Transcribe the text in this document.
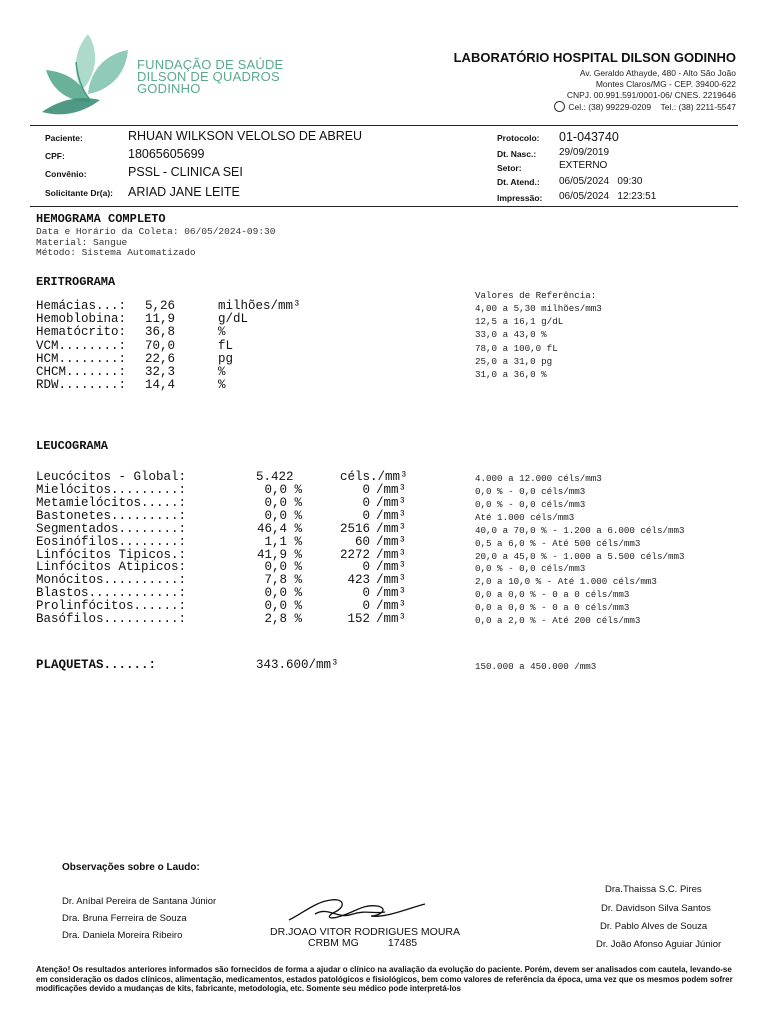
FUNDAÇÃO DE SAÚDE
DILSON DE QUADROS
GODINHO
LABORATÓRIO HOSPITAL DILSON GODINHO
Av. Geraldo Athayde, 480 - Alto São João
Montes Claros/MG - CEP. 39400-622
CNPJ. 00.991.591/0001-06/ CNES. 2219646
Cel.: (38) 99229-0209 Tel.: (38) 2211-5547
Paciente:	RHUAN WILKSON VELOLSO DE ABREU
CPF:	18065605699
Convênio:	PSSL - CLINICA SEI
Solicitante Dr(a): ARIAD JANE LEITE
Protocolo: 01-043740
Dt. Nasc.: 29/09/2019
Setor:	EXTERNO
Dt. Atend.: 06/05/2024   09:30
Impressão: 06/05/2024   12:23:51
HEMOGRAMA COMPLETO
Data e Horário da Coleta: 06/05/2024-09:30
Material: Sangue
Método: Sistema Automatizado
ERITROGRAMA
Valores de Referência:
Hemácias...: 5,26	milhões/mm³	4,00 a 5,30 milhões/mm3
Hemoblobina: 11,9	g/dL	12,5 a 16,1 g/dL
Hematócrito: 36,8	%	33,0 a 43,0 %
VCM........: 70,0	fL	78,0 a 100,0 fL
HCM........: 22,6	pg	25,0 a 31,0 pg
CHCM.......: 32,3	%	31,0 a 36,0 %
RDW........: 14,4	%
LEUCOGRAMA
Leucócitos - Global:	5.422	céls./mm³	4.000 a 12.000 céls/mm3
Mielócitos.........:	0,0 %	0 /mm³	0,0 % - 0,0 céls/mm3
Metamielócitos.....:	0,0 %	0 /mm³	0,0 % - 0,0 céls/mm3
Bastonetes.........:	0,0 %	0 /mm³	Até 1.000 céls/mm3
Segmentados........:	46,4 %	2516 /mm³	40,0 a 70,0 % - 1.200 a 6.000 céls/mm3
Eosinófilos........:	1,1 %	60 /mm³	0,5 a 6,0 % - Até 500 céls/mm3
Linfócitos Tipicos.:	41,9 %	2272 /mm³	20,0 a 45,0 % - 1.000 a 5.500 céls/mm3
Linfócitos Atipicos:	0,0 %	0 /mm³	0,0 % - 0,0 céls/mm3
Monócitos..........:	7,8 %	423 /mm³	2,0 a 10,0 % - Até 1.000 céls/mm3
Blastos............:	0,0 %	0 /mm³	0,0 a 0,0 % - 0 a 0 céls/mm3
Prolinfócitos......:	0,0 %	0 /mm³	0,0 a 0,0 % - 0 a 0 céls/mm3
Basófilos..........:	2,8 %	152 /mm³	0,0 a 2,0 % - Até 200 céls/mm3
PLAQUETAS......:	343.600/mm³	150.000 a 450.000 /mm3
Observações sobre o Laudo:
Dr. Aníbal Pereira de Santana Júnior
Dra. Bruna Ferreira de Souza
Dra. Daniela Moreira Ribeiro	DR.JOAO VITOR RODRIGUES MOURA
CRBM MG          17485
Dra.Thaissa S.C. Pires
Dr. Davidson Silva Santos
Dr. Pablo Alves de Souza
Dr. João Afonso Aguiar Júnior
Atenção! Os resultados anteriores informados são fornecidos de forma a ajudar o clínico na avaliação da evolução do paciente. Porém, devem ser analisados com cautela, levando-se em consideração os dados clínicos, alimentação, medicamentos, estados patológicos e fisiológicos, bem como valores de referência da época, uma vez que os mesmos podem sofrer modificações devido a mudanças de kits, fabricante, metodologia, etc. Somente seu médico pode interpretá-los
